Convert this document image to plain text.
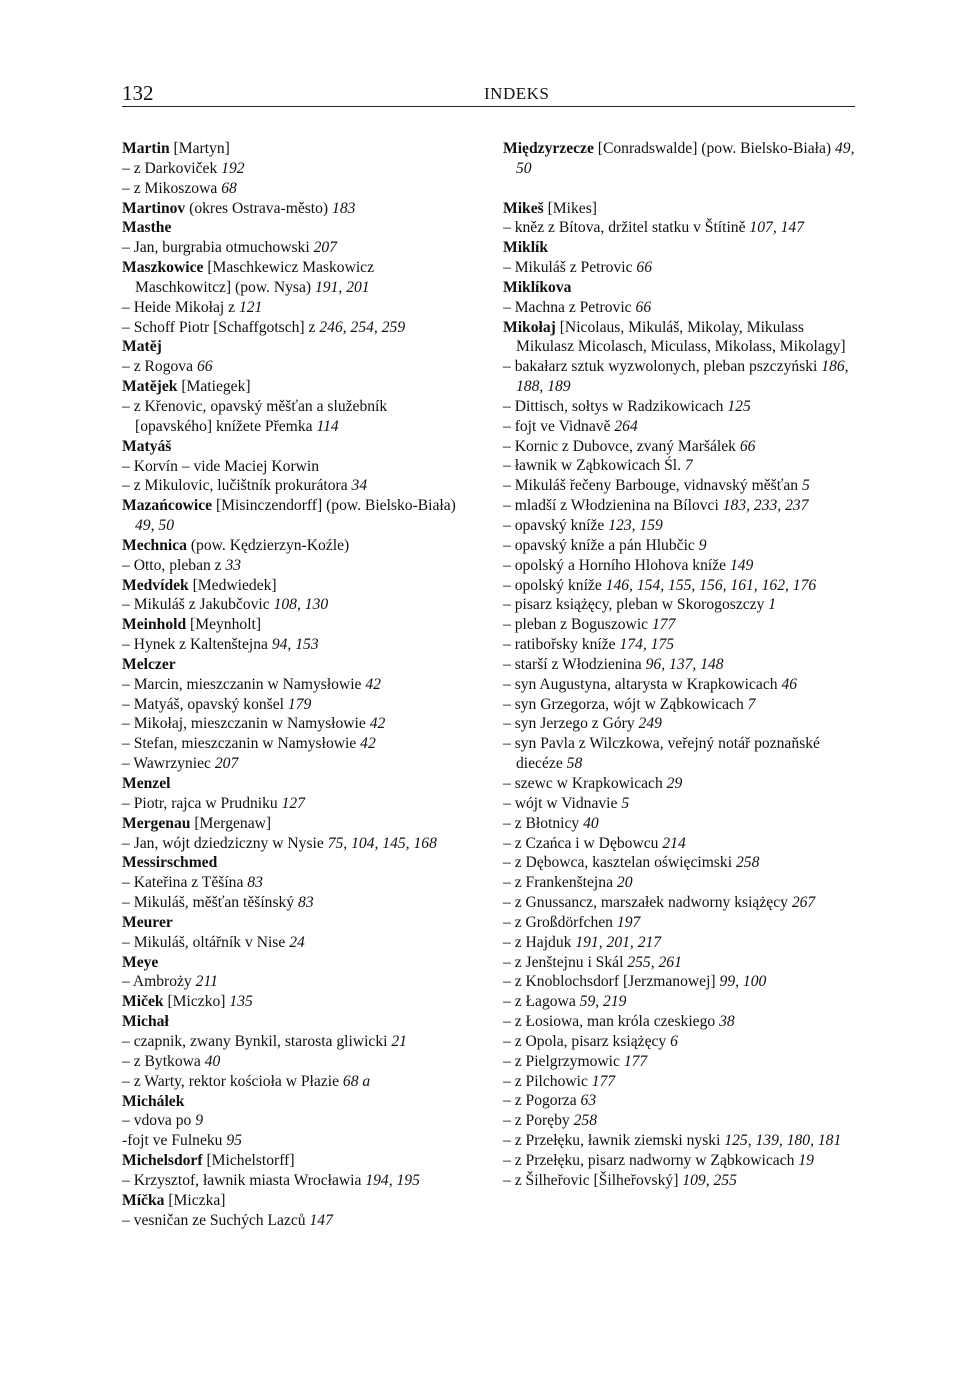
132	INDEKS

Martin [Martyn]

– z Darkoviček 192

– z Mikoszowa 68

Martinov (okres Ostrava-město) 183

Masthe

– Jan, burgrabia otmuchowski 207

Maszkowice [Maschkewicz Maskowicz Maschkowitcz] (pow. Nysa) 191, 201

– Heide Mikołaj z 121

– Schoff Piotr [Schaffgotsch] z 246, 254, 259

Matěj

– z Rogova 66

Matějek [Matiegek]

– z Křenovic, opavský měšťan a služebník [opavského] knížete Přemka 114

Matyáš

– Korvín – vide Maciej Korwin

– z Mikulovic, lučištník prokurátora 34

Mazańcowice [Misinczendorff] (pow. Bielsko-Biała) 49, 50

Mechnica (pow. Kędzierzyn-Koźle)

– Otto, pleban z 33

Medvídek [Medwiedek]

– Mikuláš z Jakubčovic 108, 130

Meinhold [Meynholt]

– Hynek z Kaltenštejna 94, 153

Melczer

– Marcin, mieszczanin w Namysłowie 42

– Matyáš, opavský konšel 179

– Mikołaj, mieszczanin w Namysłowie 42

– Stefan, mieszczanin w Namysłowie 42

– Wawrzyniec 207

Menzel

– Piotr, rajca w Prudniku 127

Mergenau [Mergenaw]

– Jan, wójt dziedziczny w Nysie 75, 104, 145, 168

Messirschmed

– Kateřina z Těšína 83

– Mikuláš, měšťan těšínský 83

Meurer

– Mikuláš, oltářník v Nise 24

Meye

– Ambroży 211

Miček [Miczko] 135

Michał

– czapnik, zwany Bynkil, starosta gliwicki 21

– z Bytkowa 40

– z Warty, rektor kościoła w Płazie 68 a

Michálek

– vdova po 9

-fojt ve Fulneku 95

Michelsdorf [Michelstorff]

– Krzysztof, ławnik miasta Wrocławia 194, 195

Míčka [Miczka]

– vesničan ze Suchých Lazců 147

Międzyrzecze [Conradswalde] (pow. Bielsko-Biała) 49, 50

Mikeš [Mikes]

– kněz z Bítova, držitel statku v Štítině 107, 147

Miklík

– Mikuláš z Petrovic 66

Miklíkova

– Machna z Petrovic 66

Mikołaj [Nicolaus, Mikuláš, Mikolay, Mikulass Mikulasz Micolasch, Miculass, Mikolass, Mikolagy]

– bakałarz sztuk wyzwolonych, pleban pszczyński 186, 188, 189

– Dittisch, sołtys w Radzikowicach 125

– fojt ve Vidnavě 264

– Kornic z Dubovce, zvaný Maršálek 66

– ławnik w Ząbkowicach Śl. 7

– Mikuláš řečeny Barbouge, vidnavský měšťan 5

– mladší z Włodzienina na Bílovci 183, 233, 237

– opavský kníže 123, 159

– opavský kníže a pán Hlubčic 9

– opolský a Horního Hlohova kníže 149

– opolský kníže 146, 154, 155, 156, 161, 162, 176

– pisarz książęcy, pleban w Skorogoszczy 1

– pleban z Boguszowic 177

– ratibořsky kníže 174, 175

– starší z Włodzienina 96, 137, 148

– syn Augustyna, altarysta w Krapkowicach 46

– syn Grzegorza, wójt w Ząbkowicach 7

– syn Jerzego z Góry 249

– syn Pavla z Wilczkowa, veřejný notář poznaňské diecéze 58

– szewc w Krapkowicach 29

– wójt w Vidnavie 5

– z Błotnicy 40

– z Czańca i w Dębowcu 214

– z Dębowca, kasztelan oświęcimski 258

– z Frankenštejna 20

– z Gnussancz, marszałek nadworny książęcy 267

– z Großdörfchen 197

– z Hajduk 191, 201, 217

– z Jenštejnu i Skál 255, 261

– z Knoblochsdorf [Jerzmanowej] 99, 100

– z Łagowa 59, 219

– z Łosiowa, man króla czeskiego 38

– z Opola, pisarz książęcy 6

– z Pielgrzymowic 177

– z Pilchowic 177

– z Pogorza 63

– z Poręby 258

– z Przełęku, ławnik ziemski nyski 125, 139, 180, 181

– z Przełęku, pisarz nadworny w Ząbkowicach 19

– z Šilheřovic [Šilheřovský] 109, 255
